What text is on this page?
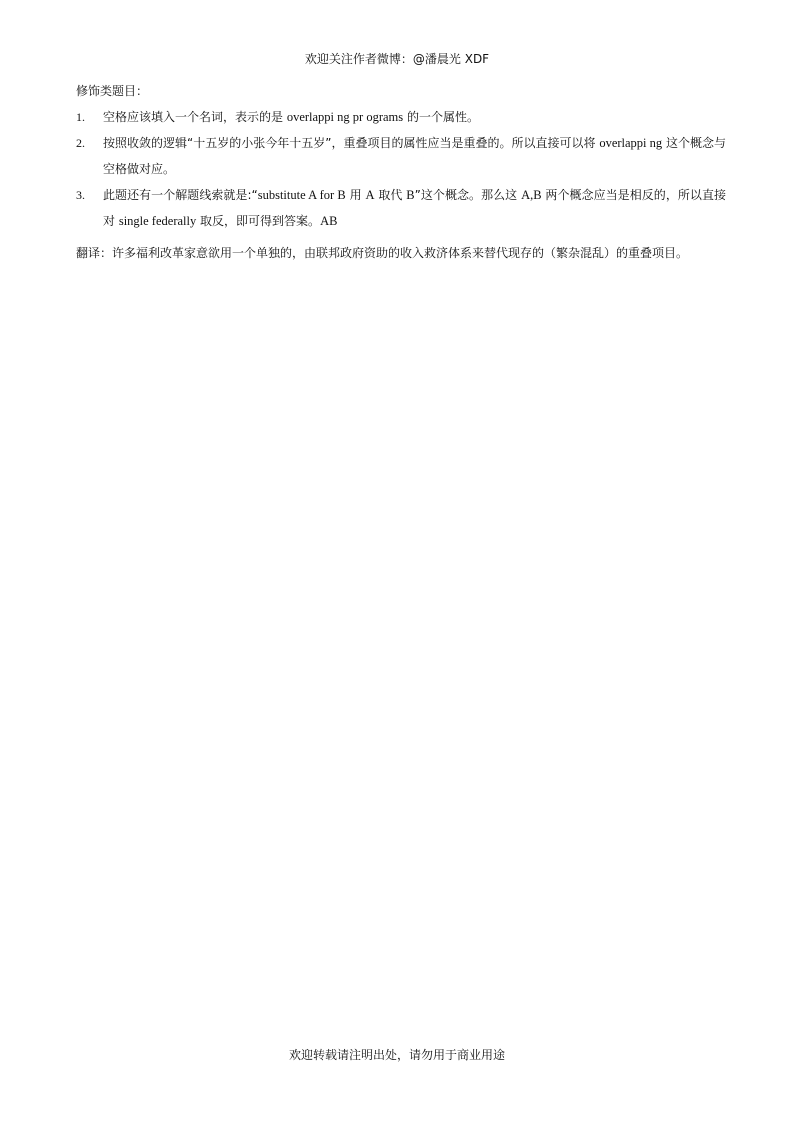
欢迎关注作者微博：@潘晨光 XDF

修饰类题目：

1. 空格应该填入一个名词，表示的是 overlappi ng pr ograms 的一个属性。
2. 按照收敛的逻辑“十五岁的小张今年十五岁”，重叠项目的属性应当是重叠的。所以直接可以将 overlappi ng 这个概念与空格做对应。
3. 此题还有一个解题线索就是:“substitute A for B 用 A 取代 B”这个概念。那么这 A,B 两个概念应当是相反的，所以直接对 single federally 取反，即可得到答案。AB

翻译：许多福利改革家意欲用一个单独的，由联邦政府资助的收入救济体系来替代现存的（繁杂混乱）的重叠项目。

欢迎转载请注明出处，请勿用于商业用途
